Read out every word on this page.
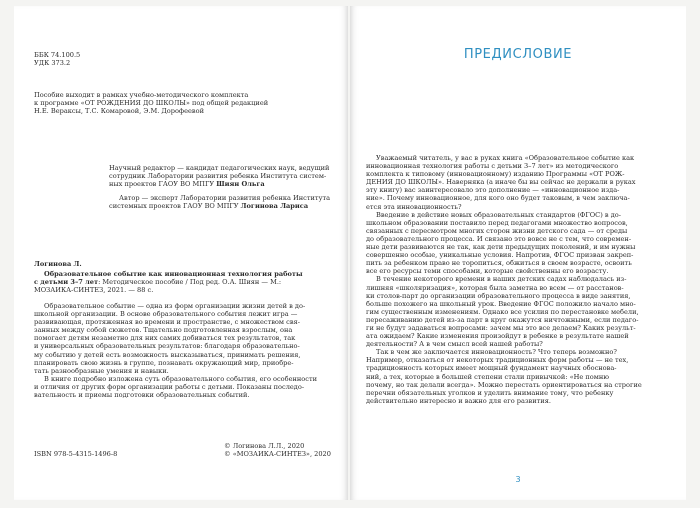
ББК 74.100.5

УДК 373.2

Пособие выходит в рамках учебно-методического комплекта

к программе «ОТ РОЖДЕНИЯ ДО ШКОЛЫ» под общей редакцией

Н.Е. Вераксы, Т.С. Комаровой, Э.М. Дорофеевой

Научный редактор — кандидат педагогических наук, ведущий

сотрудник Лаборатории развития ребенка Института систем-

ных проектов ГАОУ ВО МПГУ Шиян Ольга

Автор — эксперт Лаборатории развития ребенка Института

системных проектов ГАОУ ВО МПГУ Логинова Лариса

Логинова Л.

Образовательное событие как инновационная технология работы

с детьми 3–7 лет: Методическое пособие / Под ред. О.А. Шиян — М.:

МОЗАИКА-СИНТЕЗ, 2021. — 88 с.

Образовательное событие — одна из форм организации жизни детей в до-

школьной организации. В основе образовательного события лежит игра —

развивающая, протяженная во времени и пространстве, с множеством свя-

занных между собой сюжетов. Тщательно подготовленная взрослым, она

помогает детям незаметно для них самих добиваться тех результатов, так

и универсальных образовательных результатов: благодаря образовательно-

му событию у детей есть возможность высказываться, принимать решения,

планировать свою жизнь в группе, познавать окружающий мир, приобре-

тать разнообразные умения и навыки.

В книге подробно изложена суть образовательного события, его особенности

и отличия от других форм организации работы с детьми. Показаны последо-

вательность и приемы подготовки образовательных событий.

© Логинова Л.Л., 2020

© «МОЗАИКА-СИНТЕЗ», 2020

ISBN 978-5-4315-1496-8
ПРЕДИСЛОВИЕ

Уважаемый читатель, у вас в руках книга «Образовательное событие как

инновационная технология работы с детьми 3–7 лет» из методического

комплекта к типовому (инновационному) изданию Программы «ОТ РОЖ-

ДЕНИЯ ДО ШКОЛЫ». Наверняка (а иначе бы вы сейчас не держали в руках

эту книгу) вас заинтересовало это дополнение — «инновационное изда-

ние». Почему инновационное, для кого оно будет таковым, в чем заключа-

ется эта инновационность?

Введение в действие новых образовательных стандартов (ФГОС) в до-

школьном образовании поставило перед педагогами множество вопросов,

связанных с пересмотром многих сторон жизни детского сада — от среды

до образовательного процесса. И связано это вовсе не с тем, что современ-

ные дети развиваются не так, как дети предыдущих поколений, и им нужны

совершенно особые, уникальные условия. Напротив, ФГОС призван закреп-

пить за ребенком право не торопиться, обжиться в своем возрасте, освоить

все его ресурсы теми способами, которые свойственны его возрасту.

В течение некоторого времени в наших детских садах наблюдалась из-

лишняя «школяризация», которая была заметна во всем — от расстанов-

ки столов-парт до организации образовательного процесса в виде занятия,

больше похожего на школьный урок. Введение ФГОС положило начало мно-

гим существенным изменениям. Однако все усилия по перестановке мебели,

пересаживанию детей из-за парт в круг окажутся ничтожными, если педаго-

ги не будут задаваться вопросами: зачем мы это все делаем? Каких результ-

ата ожидаем? Какие изменения произойдут в ребенке в результате нашей

деятельности? А в чем смысл всей нашей работы?

Так в чем же заключается инновационность? Что теперь возможно?

Например, отказаться от некоторых традиционных форм работы — не тех,

традиционность которых имеет мощный фундамент научных обоснова-

ний, а тех, которые в большей степени стали привычкой: «Не помню

почему, но так делали всегда». Можно перестать ориентироваться на строгие

перечни обязательных уголков и уделить внимание тому, что ребенку

действительно интересно и важно для его развития.

3
